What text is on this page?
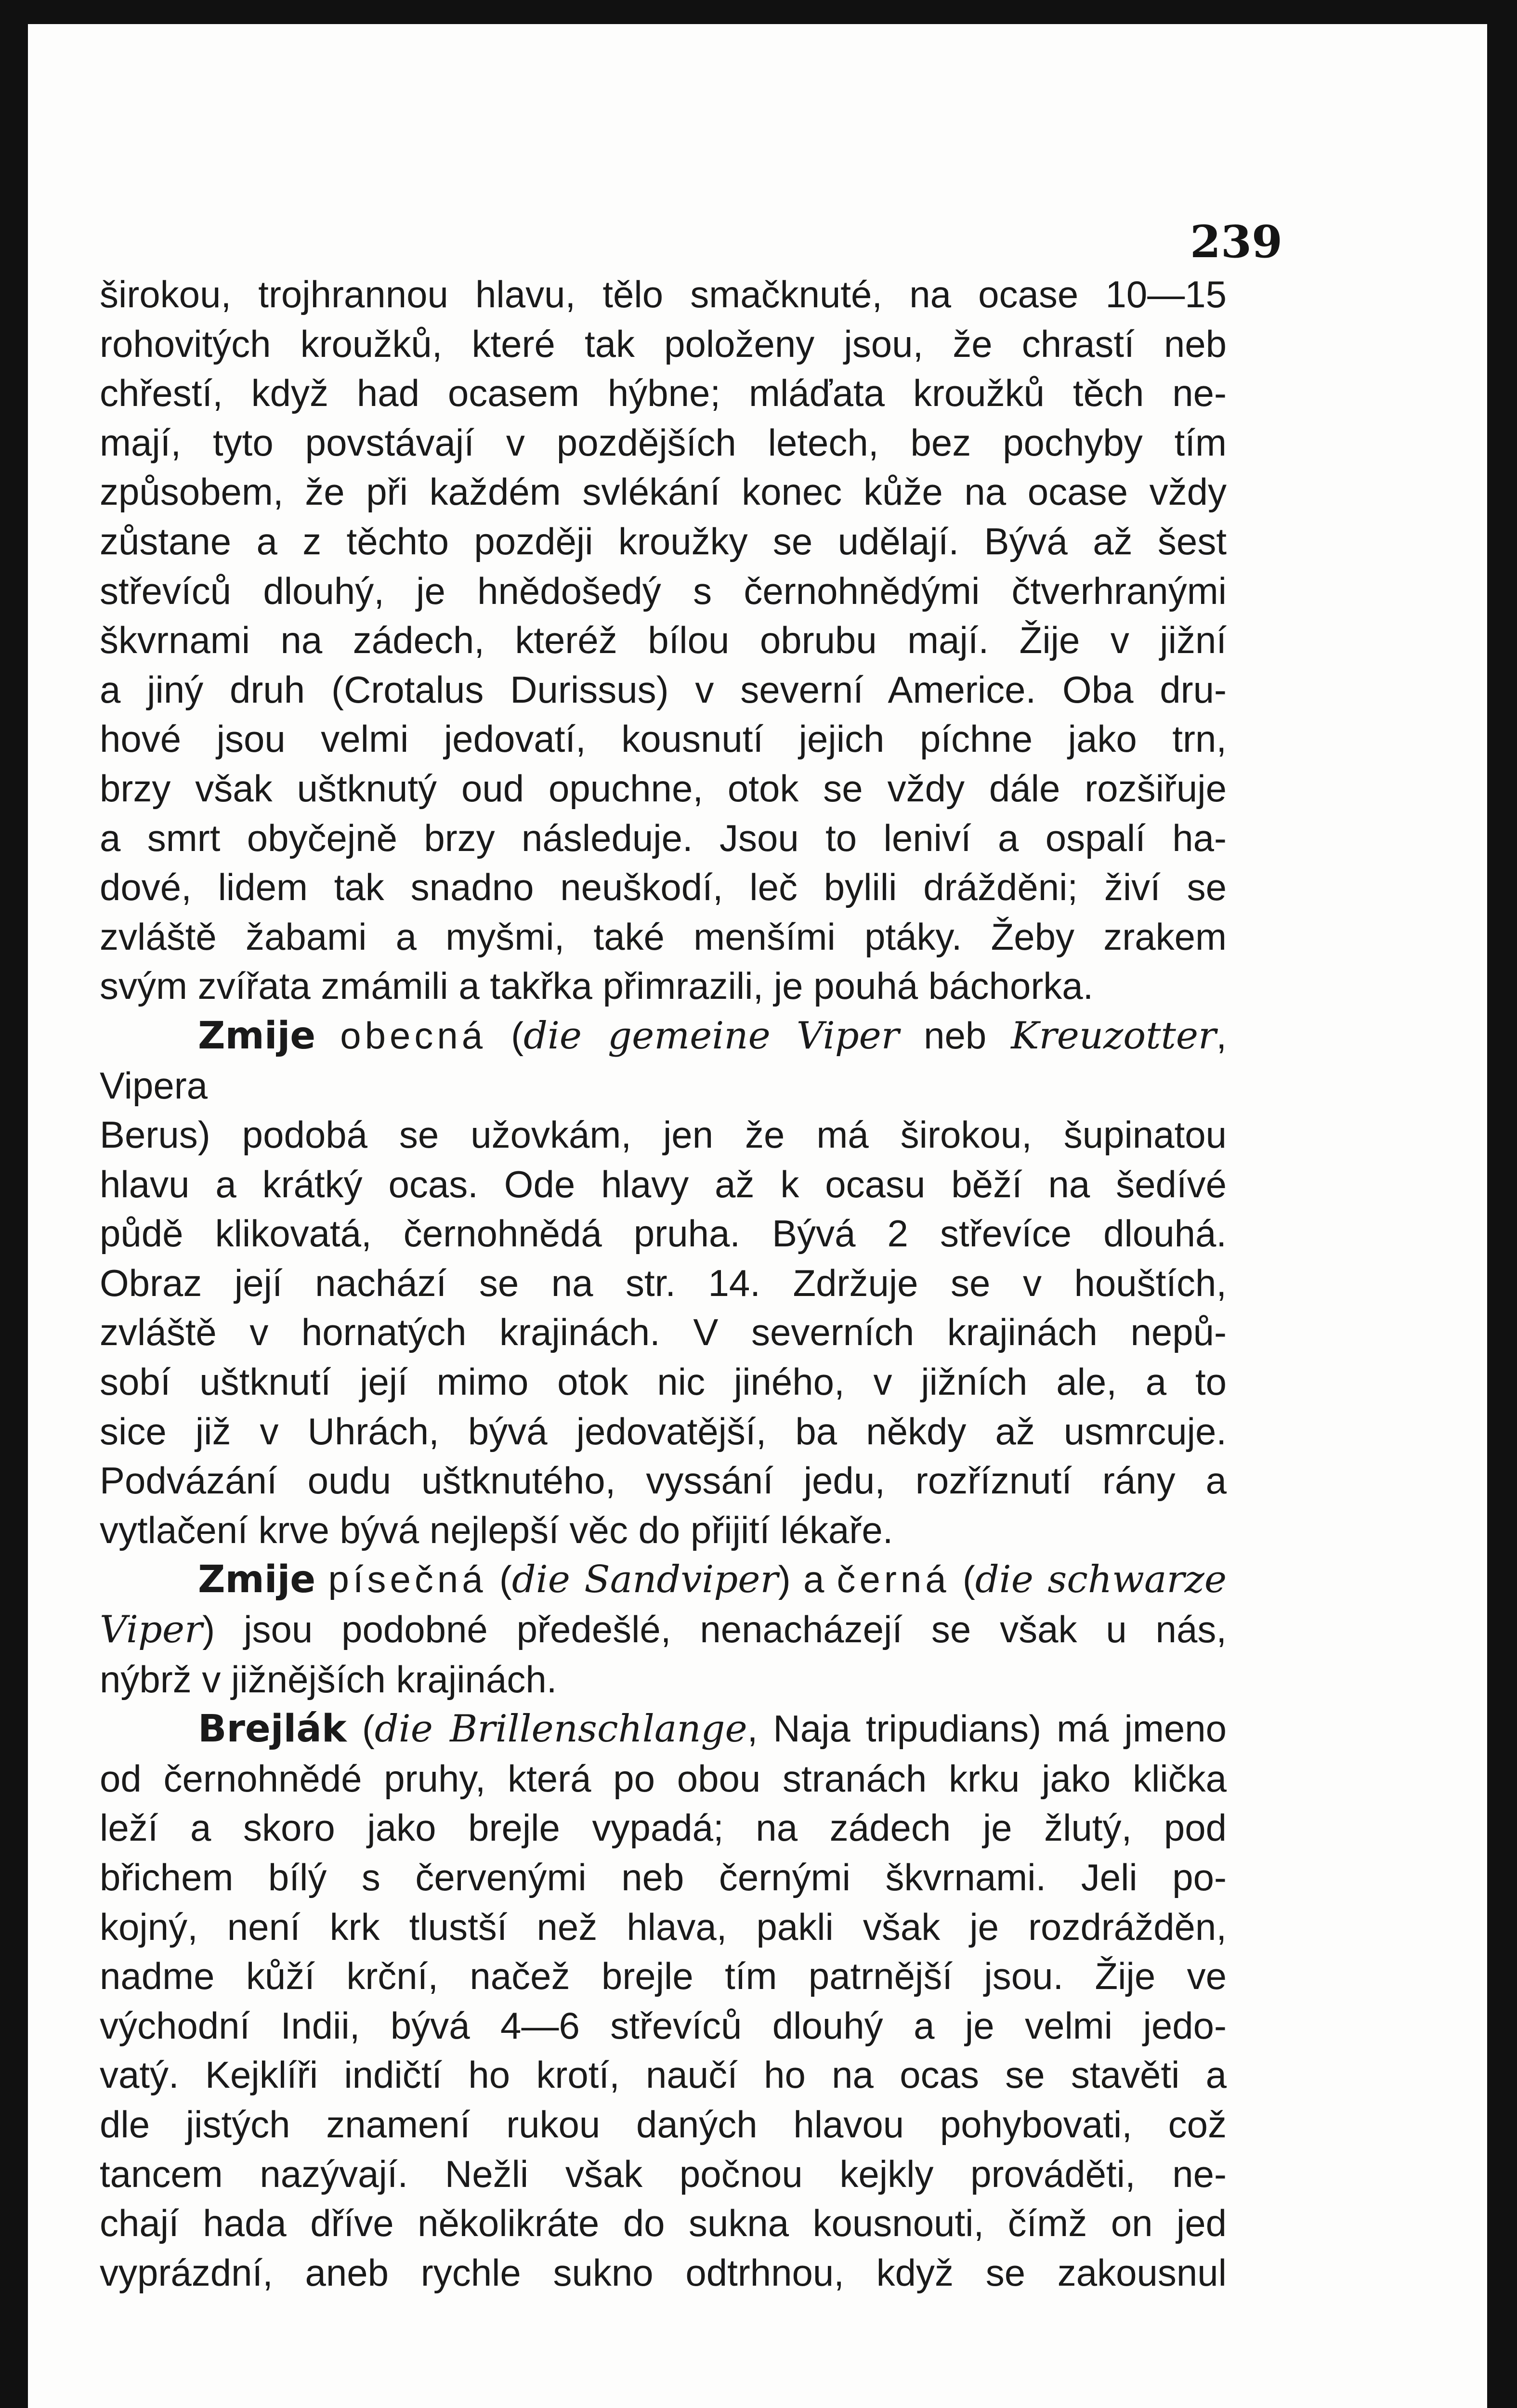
239

širokou, trojhrannou hlavu, tělo smačknuté, na ocase 10—15

rohovitých kroužků, které tak položeny jsou, že chrastí neb

chřestí, když had ocasem hýbne; mláďata kroužků těch ne-

mají, tyto povstávají v pozdějších letech, bez pochyby tím

způsobem, že při každém svlékání konec kůže na ocase vždy

zůstane a z těchto později kroužky se udělají. Bývá až šest

střevíců dlouhý, je hnědošedý s černohnědými čtverhranými

škvrnami na zádech, kteréž bílou obrubu mají. Žije v jižní

a jiný druh (Crotalus Durissus) v severní Americe. Oba dru-

hové jsou velmi jedovatí, kousnutí jejich píchne jako trn,

brzy však uštknutý oud opuchne, otok se vždy dále rozšiřuje

a smrt obyčejně brzy následuje. Jsou to leniví a ospalí ha-

dové, lidem tak snadno neuškodí, leč bylili drážděni; živí se

zvláště žabami a myšmi, také menšími ptáky. Žeby zrakem

svým zvířata zmámili a takřka přimrazili, je pouhá báchorka.

Zmije obecná (die gemeine Viper neb Kreuzotter, Vipera

Berus) podobá se užovkám, jen že má širokou, šupinatou

hlavu a krátký ocas. Ode hlavy až k ocasu běží na šedívé

půdě klikovatá, černohnědá pruha. Bývá 2 střevíce dlouhá.

Obraz její nachází se na str. 14. Zdržuje se v houštích,

zvláště v hornatých krajinách. V severních krajinách nepů-

sobí uštknutí její mimo otok nic jiného, v jižních ale, a to

sice již v Uhrách, bývá jedovatější, ba někdy až usmrcuje.

Podvázání oudu uštknutého, vyssání jedu, rozříznutí rány a

vytlačení krve bývá nejlepší věc do přijití lékaře.

Zmije písečná (die Sandviper) a černá (die schwarze

Viper) jsou podobné předešlé, nenacházejí se však u nás,

nýbrž v jižnějších krajinách.

Brejlák (die Brillenschlange, Naja tripudians) má jmeno

od černohnědé pruhy, která po obou stranách krku jako klička

leží a skoro jako brejle vypadá; na zádech je žlutý, pod

břichem bílý s červenými neb černými škvrnami. Jeli po-

kojný, není krk tlustší než hlava, pakli však je rozdrážděn,

nadme kůží krční, načež brejle tím patrnější jsou. Žije ve

východní Indii, bývá 4—6 střevíců dlouhý a je velmi jedo-

vatý. Kejklíři indičtí ho krotí, naučí ho na ocas se stavěti a

dle jistých znamení rukou daných hlavou pohybovati, což

tancem nazývají. Nežli však počnou kejkly prováděti, ne-

chají hada dříve několikráte do sukna kousnouti, čímž on jed

vyprázdní, aneb rychle sukno odtrhnou, když se zakousnul
